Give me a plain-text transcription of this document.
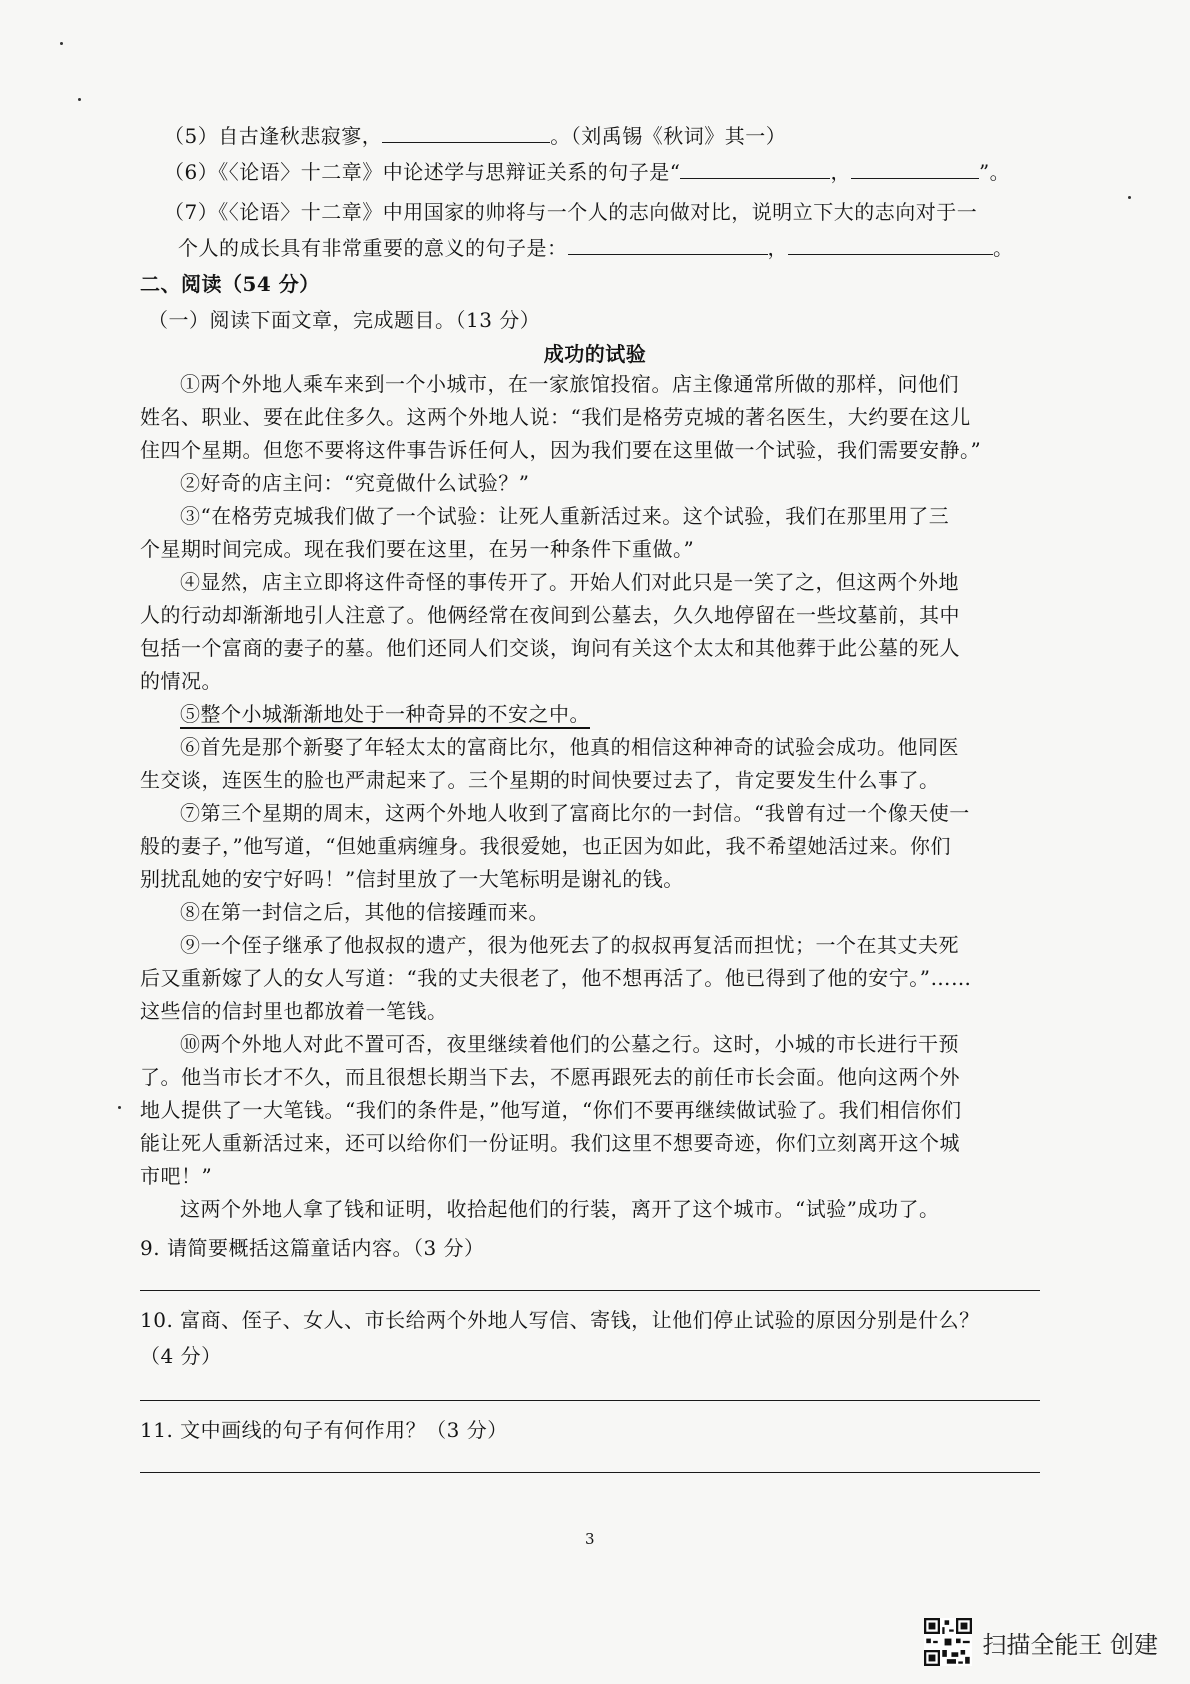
（5）自古逢秋悲寂寥，	。（刘禹锡《秋词》其一）
（6）《〈论语〉十二章》中论述学与思辩证关系的句子是“	，	”。
（7）《〈论语〉十二章》中用国家的帅将与一个人的志向做对比，说明立下大的志向对于一
个人的成长具有非常重要的意义的句子是：	，	。
二、阅读（54 分）
（一）阅读下面文章，完成题目。（13 分）
成功的试验
①两个外地人乘车来到一个小城市，在一家旅馆投宿。店主像通常所做的那样，问他们
姓名、职业、要在此住多久。这两个外地人说：“我们是格劳克城的著名医生，大约要在这儿
住四个星期。但您不要将这件事告诉任何人，因为我们要在这里做一个试验，我们需要安静。”
②好奇的店主问：“究竟做什么试验？”
③“在格劳克城我们做了一个试验：让死人重新活过来。这个试验，我们在那里用了三
个星期时间完成。现在我们要在这里，在另一种条件下重做。”
④显然，店主立即将这件奇怪的事传开了。开始人们对此只是一笑了之，但这两个外地
人的行动却渐渐地引人注意了。他俩经常在夜间到公墓去，久久地停留在一些坟墓前，其中
包括一个富商的妻子的墓。他们还同人们交谈，询问有关这个太太和其他葬于此公墓的死人
的情况。
⑤整个小城渐渐地处于一种奇异的不安之中。
⑥首先是那个新娶了年轻太太的富商比尔，他真的相信这种神奇的试验会成功。他同医
生交谈，连医生的脸也严肃起来了。三个星期的时间快要过去了，肯定要发生什么事了。
⑦第三个星期的周末，这两个外地人收到了富商比尔的一封信。“我曾有过一个像天使一
般的妻子，”他写道，“但她重病缠身。我很爱她，也正因为如此，我不希望她活过来。你们
别扰乱她的安宁好吗！”信封里放了一大笔标明是谢礼的钱。
⑧在第一封信之后，其他的信接踵而来。
⑨一个侄子继承了他叔叔的遗产，很为他死去了的叔叔再复活而担忧；一个在其丈夫死
后又重新嫁了人的女人写道：“我的丈夫很老了，他不想再活了。他已得到了他的安宁。”……
这些信的信封里也都放着一笔钱。
⑩两个外地人对此不置可否，夜里继续着他们的公墓之行。这时，小城的市长进行干预
了。他当市长才不久，而且很想长期当下去，不愿再跟死去的前任市长会面。他向这两个外
地人提供了一大笔钱。“我们的条件是，”他写道，“你们不要再继续做试验了。我们相信你们
能让死人重新活过来，还可以给你们一份证明。我们这里不想要奇迹，你们立刻离开这个城
市吧！”
这两个外地人拿了钱和证明，收拾起他们的行装，离开了这个城市。“试验”成功了。
9. 请简要概括这篇童话内容。（3 分）
10. 富商、侄子、女人、市长给两个外地人写信、寄钱，让他们停止试验的原因分别是什么？
（4 分）
11. 文中画线的句子有何作用？（3 分）
3
扫描全能王 创建
